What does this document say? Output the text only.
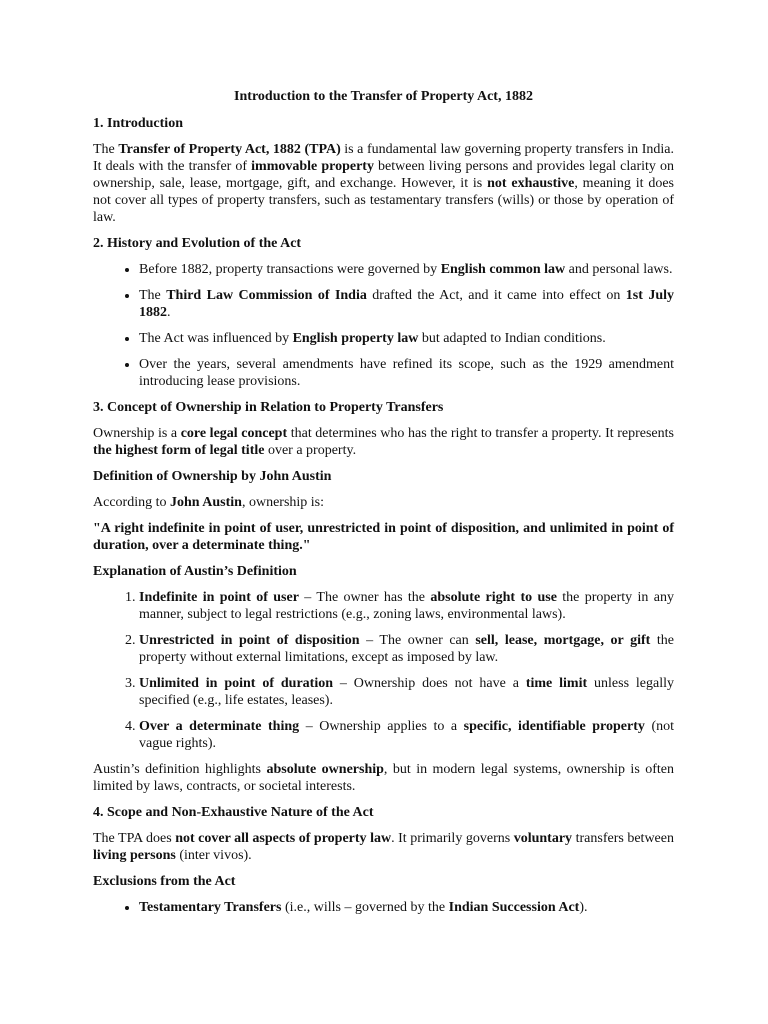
Introduction to the Transfer of Property Act, 1882
1. Introduction

The Transfer of Property Act, 1882 (TPA) is a fundamental law governing property transfers in India. It deals with the transfer of immovable property between living persons and provides legal clarity on ownership, sale, lease, mortgage, gift, and exchange. However, it is not exhaustive, meaning it does not cover all types of property transfers, such as testamentary transfers (wills) or those by operation of law.

2. History and Evolution of the Act
• Before 1882, property transactions were governed by English common law and personal laws.
• The Third Law Commission of India drafted the Act, and it came into effect on 1st July 1882.
• The Act was influenced by English property law but adapted to Indian conditions.
• Over the years, several amendments have refined its scope, such as the 1929 amendment introducing lease provisions.
3. Concept of Ownership in Relation to Property Transfers

Ownership is a core legal concept that determines who has the right to transfer a property. It represents the highest form of legal title over a property.

Definition of Ownership by John Austin

According to John Austin, ownership is:

"A right indefinite in point of user, unrestricted in point of disposition, and unlimited in point of duration, over a determinate thing."

Explanation of Austin’s Definition
1. Indefinite in point of user – The owner has the absolute right to use the property in any manner, subject to legal restrictions (e.g., zoning laws, environmental laws).
2. Unrestricted in point of disposition – The owner can sell, lease, mortgage, or gift the property without external limitations, except as imposed by law.
3. Unlimited in point of duration – Ownership does not have a time limit unless legally specified (e.g., life estates, leases).
4. Over a determinate thing – Ownership applies to a specific, identifiable property (not vague rights).

Austin’s definition highlights absolute ownership, but in modern legal systems, ownership is often limited by laws, contracts, or societal interests.

4. Scope and Non-Exhaustive Nature of the Act

The TPA does not cover all aspects of property law. It primarily governs voluntary transfers between living persons (inter vivos).

Exclusions from the Act
• Testamentary Transfers (i.e., wills – governed by the Indian Succession Act).
